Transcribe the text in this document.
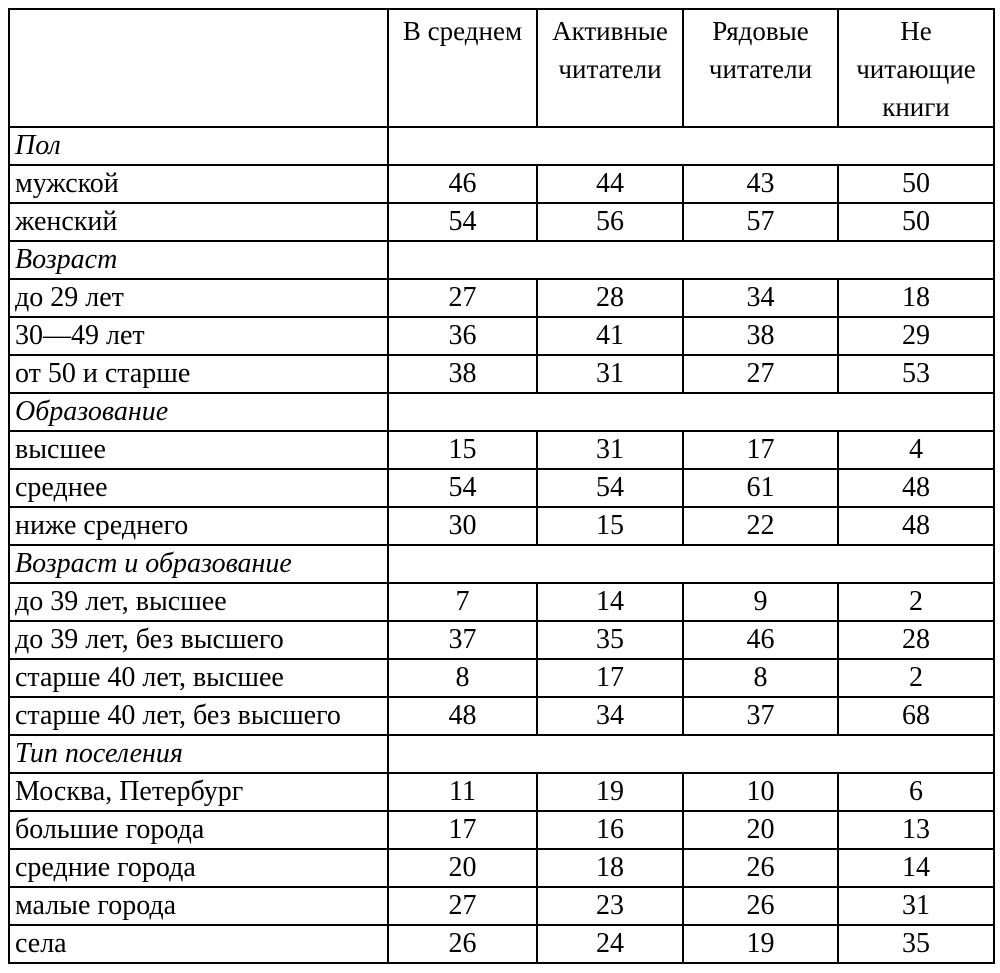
	В среднем	Активные читатели	Рядовые читатели	Не читающие книги
Пол				
мужской	46	44	43	50
женский	54	56	57	50
Возраст				
до 29 лет	27	28	34	18
30—49 лет	36	41	38	29
от 50 и старше	38	31	27	53
Образование				
высшее	15	31	17	4
среднее	54	54	61	48
ниже среднего	30	15	22	48
Возраст и образование				
до 39 лет, высшее	7	14	9	2
до 39 лет, без высшего	37	35	46	28
старше 40 лет, высшее	8	17	8	2
старше 40 лет, без высшего	48	34	37	68
Тип поселения				
Москва, Петербург	11	19	10	6
большие города	17	16	20	13
средние города	20	18	26	14
малые города	27	23	26	31
села	26	24	19	35
